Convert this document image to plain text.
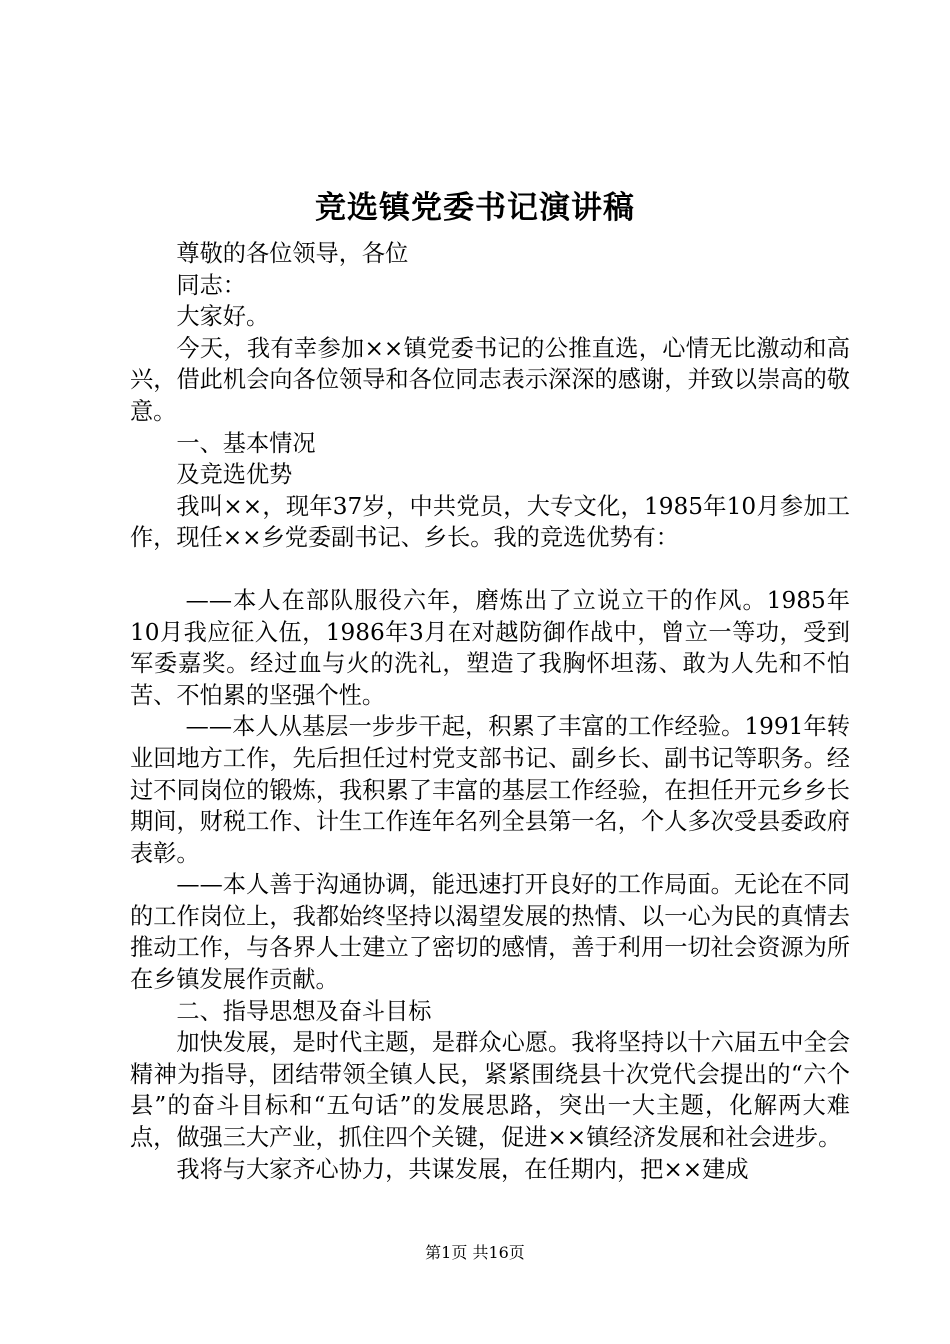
竞选镇党委书记演讲稿

尊敬的各位领导，各位

同志：

大家好。

今天，我有幸参加××镇党委书记的公推直选，心情无比激动和高兴，借此机会向各位领导和各位同志表示深深的感谢，并致以崇高的敬意。

一、基本情况

及竞选优势

我叫××，现年37岁，中共党员，大专文化，1985年10月参加工作，现任××乡党委副书记、乡长。我的竞选优势有：

——本人在部队服役六年，磨炼出了立说立干的作风。1985年10月我应征入伍，1986年3月在对越防御作战中，曾立一等功，受到军委嘉奖。经过血与火的洗礼，塑造了我胸怀坦荡、敢为人先和不怕苦、不怕累的坚强个性。

——本人从基层一步步干起，积累了丰富的工作经验。1991年转业回地方工作，先后担任过村党支部书记、副乡长、副书记等职务。经过不同岗位的锻炼，我积累了丰富的基层工作经验，在担任开元乡乡长期间，财税工作、计生工作连年名列全县第一名，个人多次受县委政府表彰。

——本人善于沟通协调，能迅速打开良好的工作局面。无论在不同的工作岗位上，我都始终坚持以渴望发展的热情、以一心为民的真情去推动工作，与各界人士建立了密切的感情，善于利用一切社会资源为所在乡镇发展作贡献。

二、指导思想及奋斗目标

加快发展，是时代主题，是群众心愿。我将坚持以十六届五中全会精神为指导，团结带领全镇人民，紧紧围绕县十次党代会提出的“六个县”的奋斗目标和“五句话”的发展思路，突出一大主题，化解两大难点，做强三大产业，抓住四个关键，促进××镇经济发展和社会进步。

我将与大家齐心协力，共谋发展，在任期内，把××建成

第1页 共16页
